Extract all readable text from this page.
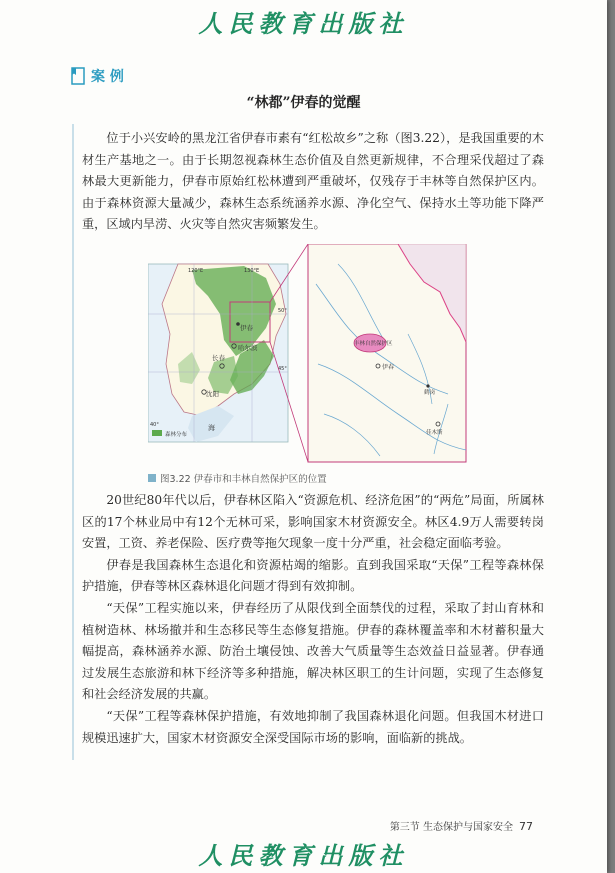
人民教育出版社
案 例
“林都”伊春的觉醒

位于小兴安岭的黑龙江省伊春市素有“红松故乡”之称（图3.22），是我国重要的木材生产基地之一。由于长期忽视森林生态价值及自然更新规律，不合理采伐超过了森林最大更新能力，伊春市原始红松林遭到严重破坏，仅残存于丰林等自然保护区内。由于森林资源大量减少，森林生态系统涵养水源、净化空气、保持水土等功能下降严重，区域内旱涝、火灾等自然灾害频繁发生。

伊春
哈尔滨
长春
沈阳
海
130°E
120°E
50°
45°
40°
森林分布
丰林自然保护区
伊春
鹤岗
佳木斯
图3.22 伊春市和丰林自然保护区的位置

20世纪80年代以后，伊春林区陷入“资源危机、经济危困”的“两危”局面，所属林区的17个林业局中有12个无林可采，影响国家木材资源安全。林区4.9万人需要转岗安置，工资、养老保险、医疗费等拖欠现象一度十分严重，社会稳定面临考验。

伊春是我国森林生态退化和资源枯竭的缩影。直到我国采取“天保”工程等森林保护措施，伊春等林区森林退化问题才得到有效抑制。

“天保”工程实施以来，伊春经历了从限伐到全面禁伐的过程，采取了封山育林和植树造林、林场撤并和生态移民等生态修复措施。伊春的森林覆盖率和木材蓄积量大幅提高，森林涵养水源、防治土壤侵蚀、改善大气质量等生态效益日益显著。伊春通过发展生态旅游和林下经济等多种措施，解决林区职工的生计问题，实现了生态修复和社会经济发展的共赢。

“天保”工程等森林保护措施，有效地抑制了我国森林退化问题。但我国木材进口规模迅速扩大，国家木材资源安全深受国际市场的影响，面临新的挑战。

第三节 生态保护与国家安全 77
人民教育出版社
